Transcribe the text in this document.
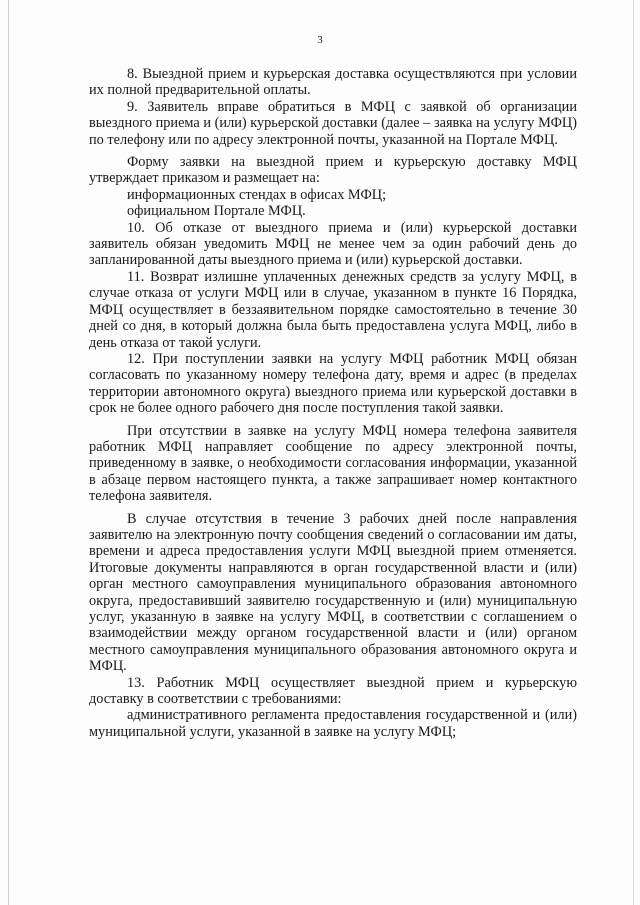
3

8. Выездной прием и курьерская доставка осуществляются при условии их полной предварительной оплаты.

9. Заявитель вправе обратиться в МФЦ с заявкой об организации выездного приема и (или) курьерской доставки (далее – заявка на услугу МФЦ) по телефону или по адресу электронной почты, указанной на Портале МФЦ.

Форму заявки на выездной прием и курьерскую доставку МФЦ утверждает приказом и размещает на:

информационных стендах в офисах МФЦ;

официальном Портале МФЦ.

10. Об отказе от выездного приема и (или) курьерской доставки заявитель обязан уведомить МФЦ не менее чем за один рабочий день до запланированной даты выездного приема и (или) курьерской доставки.

11. Возврат излишне уплаченных денежных средств за услугу МФЦ, в случае отказа от услуги МФЦ или в случае, указанном в пункте 16 Порядка, МФЦ осуществляет в беззаявительном порядке самостоятельно в течение 30 дней со дня, в который должна была быть предоставлена услуга МФЦ, либо в день отказа от такой услуги.

12. При поступлении заявки на услугу МФЦ работник МФЦ обязан согласовать по указанному номеру телефона дату, время и адрес (в пределах территории автономного округа) выездного приема или курьерской доставки в срок не более одного рабочего дня после поступления такой заявки.

При отсутствии в заявке на услугу МФЦ номера телефона заявителя работник МФЦ направляет сообщение по адресу электронной почты, приведенному в заявке, о необходимости согласования информации, указанной в абзаце первом настоящего пункта, а также запрашивает номер контактного телефона заявителя.

В случае отсутствия в течение 3 рабочих дней после направления заявителю на электронную почту сообщения сведений о согласовании им даты, времени и адреса предоставления услуги МФЦ выездной прием отменяется. Итоговые документы направляются в орган государственной власти и (или) орган местного самоуправления муниципального образования автономного округа, предоставивший заявителю государственную и (или) муниципальную услуг, указанную в заявке на услугу МФЦ, в соответствии с соглашением о взаимодействии между органом государственной власти и (или) органом местного самоуправления муниципального образования автономного округа и МФЦ.

13. Работник МФЦ осуществляет выездной прием и курьерскую доставку в соответствии с требованиями:

административного регламента предоставления государственной и (или) муниципальной услуги, указанной в заявке на услугу МФЦ;
